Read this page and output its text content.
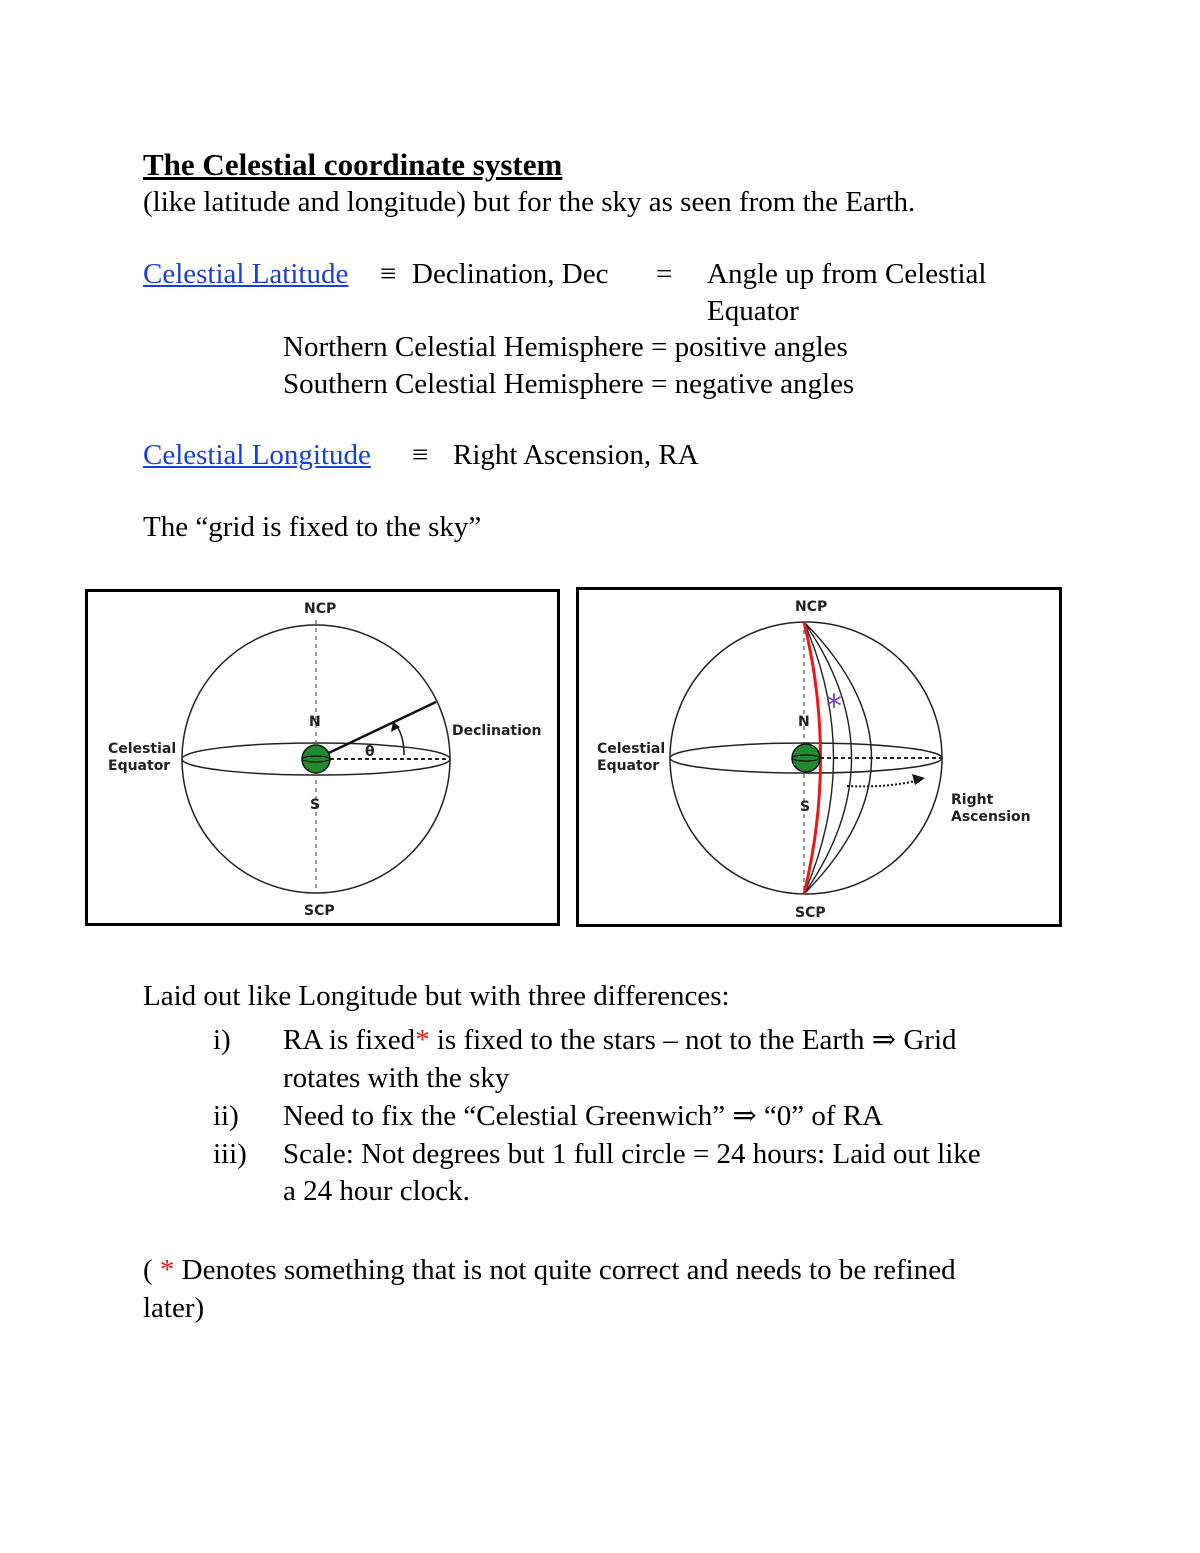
The Celestial coordinate system
(like latitude and longitude) but for the sky as seen from the Earth.
Celestial Latitude ≡ Declination, Dec = Angle up from Celestial
Equator
Northern Celestial Hemisphere = positive angles
Southern Celestial Hemisphere = negative angles
Celestial Longitude ≡ Right Ascension, RA
The “grid is fixed to the sky”
NCP
SCP
N
S
Celestial
Equator
Declination
θ
*
NCP
SCP
N
S
Celestial
Equator
Right
Ascension
Laid out like Longitude but with three differences:
i) RA is fixed* is fixed to the stars – not to the Earth ⇒ Grid
rotates with the sky
ii) Need to fix the “Celestial Greenwich” ⇒ “0” of RA
iii) Scale: Not degrees but 1 full circle = 24 hours: Laid out like
a 24 hour clock.
( * Denotes something that is not quite correct and needs to be refined
later)
